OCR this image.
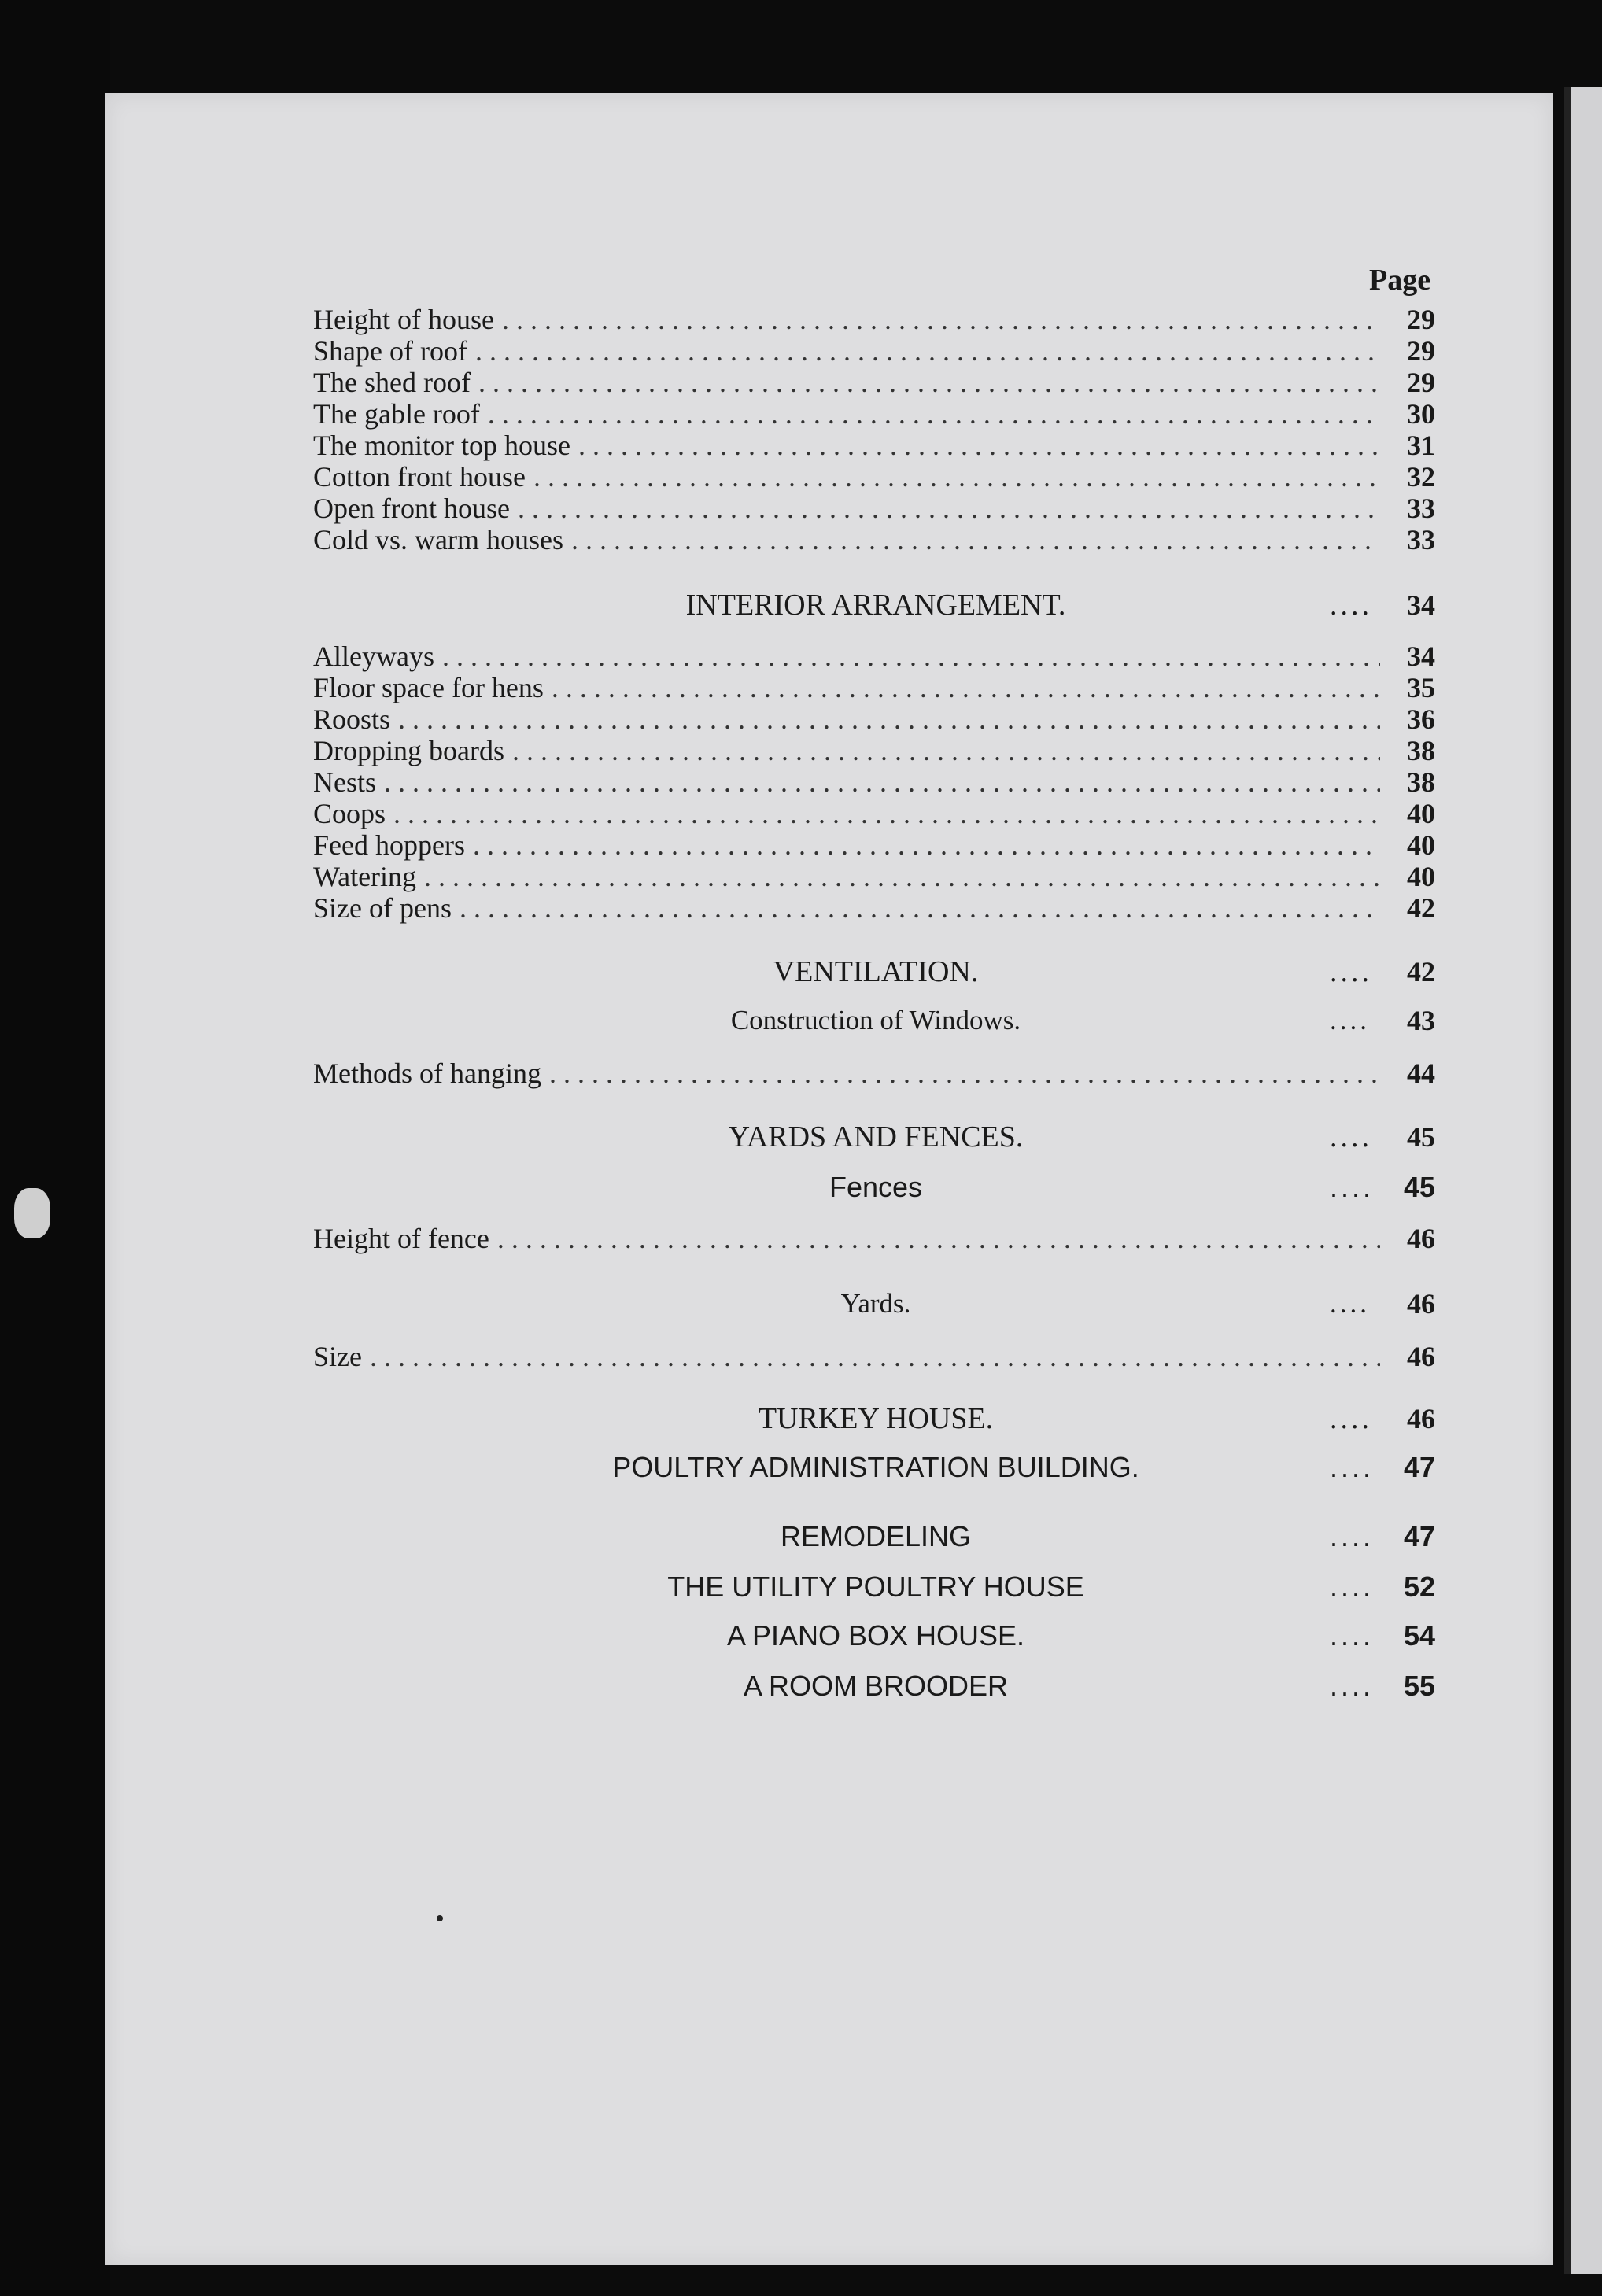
Page
Height of house . . .	29
Shape of roof . . .	29
The shed roof . . .	29
The gable roof . . .	30
The monitor top house . . .	31
Cotton front house . . .	32
Open front house . . .	33
Cold vs. warm houses . . .	33
INTERIOR ARRANGEMENT.	....	34
Alleyways . . .	34
Floor space for hens . . .	35
Roosts . . .	36
Dropping boards . . .	38
Nests . . .	38
Coops . . .	40
Feed hoppers . . .	40
Watering . . .	40
Size of pens . . .	42
VENTILATION.	....	42
Construction of Windows.	....	43
Methods of hanging . . .	44
YARDS AND FENCES.	....	45
Fences	....	45
Height of fence . . .	46
Yards.	....	46
Size . . .	46
TURKEY HOUSE.	....	46
POULTRY ADMINISTRATION BUILDING.	....	47
REMODELING	....	47
THE UTILITY POULTRY HOUSE	....	52
A PIANO BOX HOUSE.	....	54
A ROOM BROODER	....	55
